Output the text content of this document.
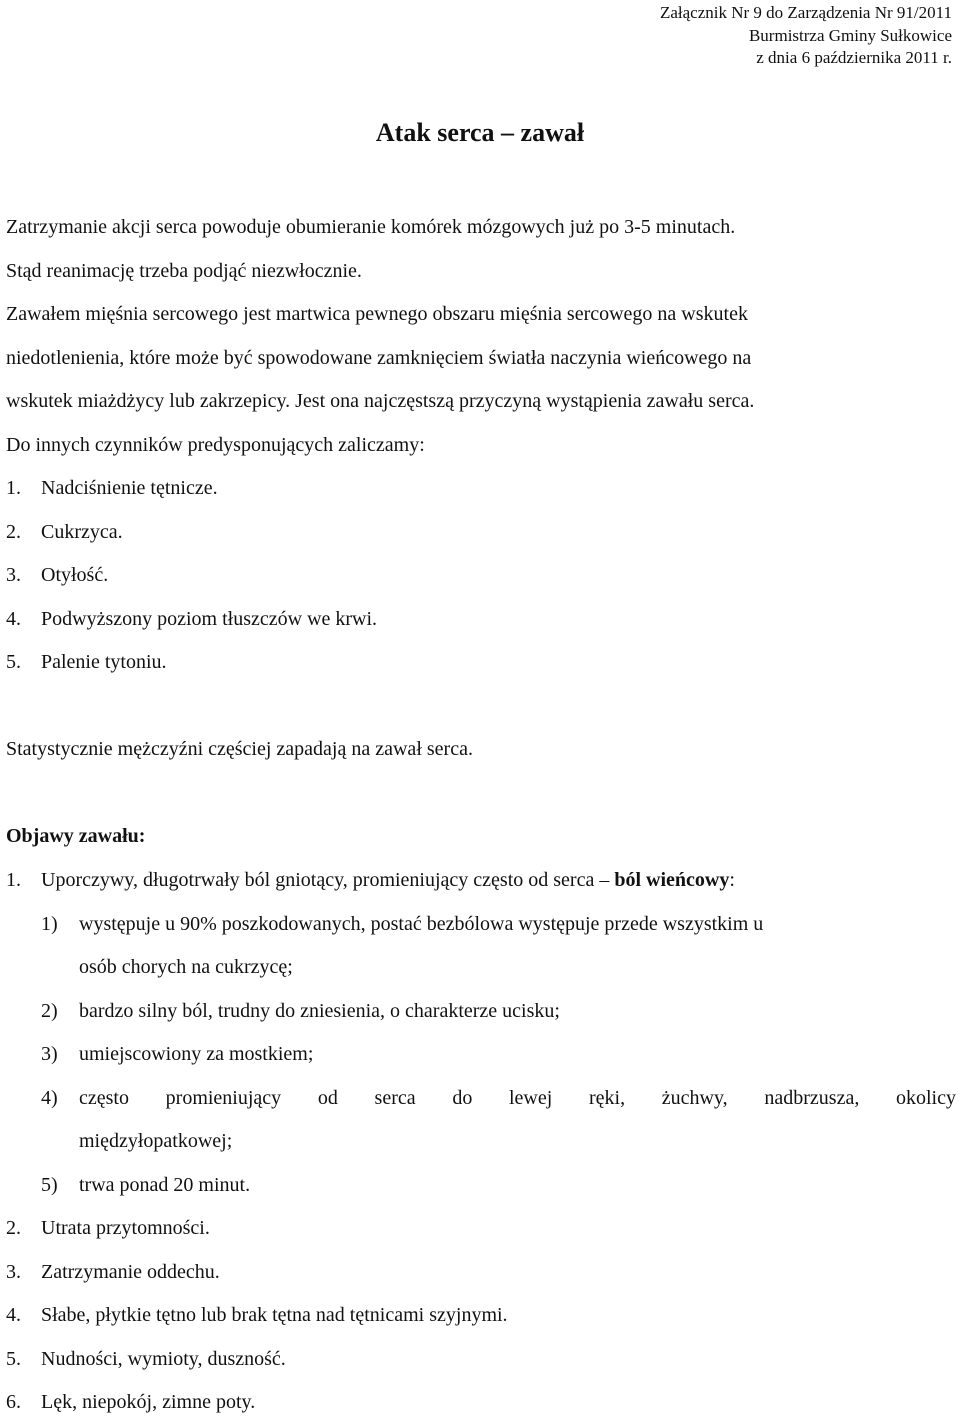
Załącznik Nr 9 do Zarządzenia Nr 91/2011
Burmistrza Gminy Sułkowice
z dnia 6 października 2011 r.
Atak serca – zawał
Zatrzymanie akcji serca powoduje obumieranie komórek mózgowych już po 3-5 minutach.
Stąd reanimację trzeba podjąć niezwłocznie.
Zawałem mięśnia sercowego jest martwica pewnego obszaru mięśnia sercowego na wskutek
niedotlenienia, które może być spowodowane zamknięciem światła naczynia wieńcowego na
wskutek miażdżycy lub zakrzepicy. Jest ona najczęstszą przyczyną wystąpienia zawału serca.
Do innych czynników predysponujących zaliczamy:
1. Nadciśnienie tętnicze.
2. Cukrzyca.
3. Otyłość.
4. Podwyższony poziom tłuszczów we krwi.
5. Palenie tytoniu.
Statystycznie mężczyźni częściej zapadają na zawał serca.
Objawy zawału:
1. Uporczywy, długotrwały ból gniotący, promieniujący często od serca – ból wieńcowy:
1) występuje u 90% poszkodowanych, postać bezbólowa występuje przede wszystkim u
osób chorych na cukrzycę;
2) bardzo silny ból, trudny do zniesienia, o charakterze ucisku;
3) umiejscowiony za mostkiem;
4)	często promieniujący od serca do lewej ręki, żuchwy, nadbrzusza, okolicy
międzyłopatkowej;
5) trwa ponad 20 minut.
2. Utrata przytomności.
3. Zatrzymanie oddechu.
4. Słabe, płytkie tętno lub brak tętna nad tętnicami szyjnymi.
5. Nudności, wymioty, duszność.
6. Lęk, niepokój, zimne poty.
